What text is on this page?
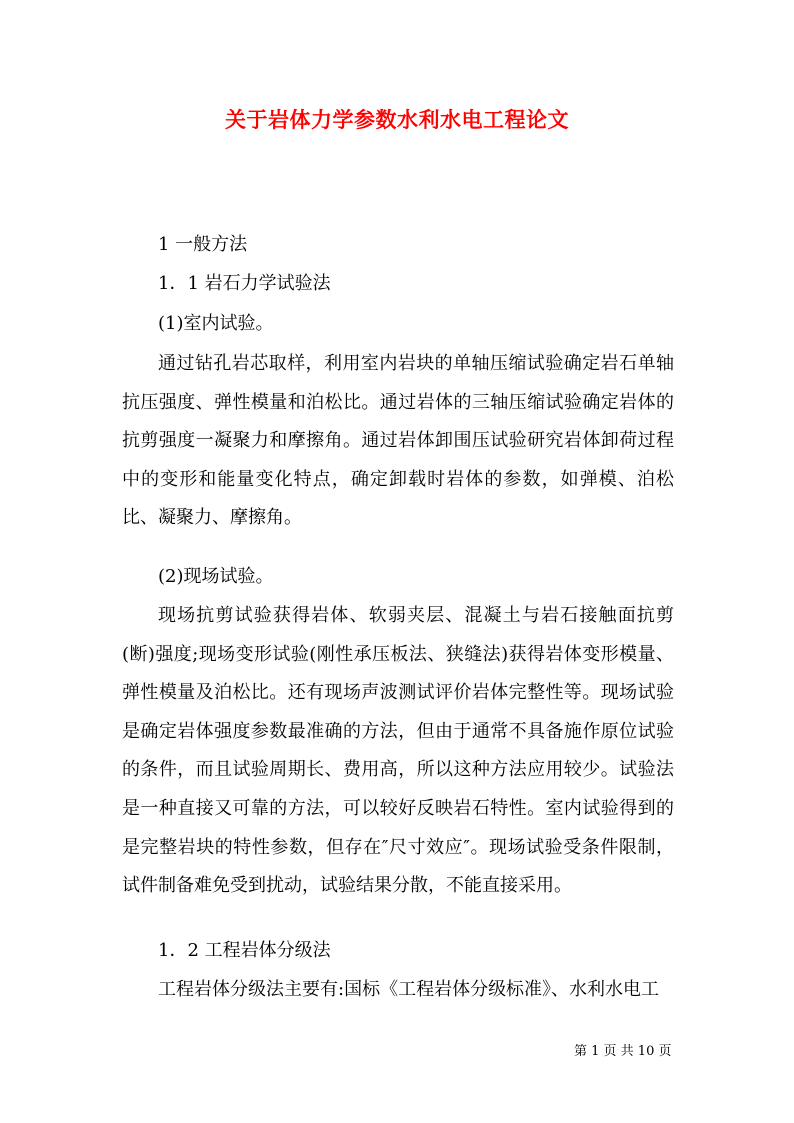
关于岩体力学参数水利水电工程论文

1 一般方法

1．1 岩石力学试验法

(1)室内试验。

通过钻孔岩芯取样，利用室内岩块的单轴压缩试验确定岩石单轴抗压强度、弹性模量和泊松比。通过岩体的三轴压缩试验确定岩体的抗剪强度一凝聚力和摩擦角。通过岩体卸围压试验研究岩体卸荷过程中的变形和能量变化特点，确定卸载时岩体的参数，如弹模、泊松比、凝聚力、摩擦角。

(2)现场试验。

现场抗剪试验获得岩体、软弱夹层、混凝土与岩石接触面抗剪(断)强度;现场变形试验(刚性承压板法、狭缝法)获得岩体变形模量、弹性模量及泊松比。还有现场声波测试评价岩体完整性等。现场试验是确定岩体强度参数最准确的方法，但由于通常不具备施作原位试验的条件，而且试验周期长、费用高，所以这种方法应用较少。试验法是一种直接又可靠的方法，可以较好反映岩石特性。室内试验得到的是完整岩块的特性参数，但存在″尺寸效应″。现场试验受条件限制，试件制备难免受到扰动，试验结果分散，不能直接采用。

1．2 工程岩体分级法

工程岩体分级法主要有:国标《工程岩体分级标准》、水利水电工

第 1 页 共 10 页
